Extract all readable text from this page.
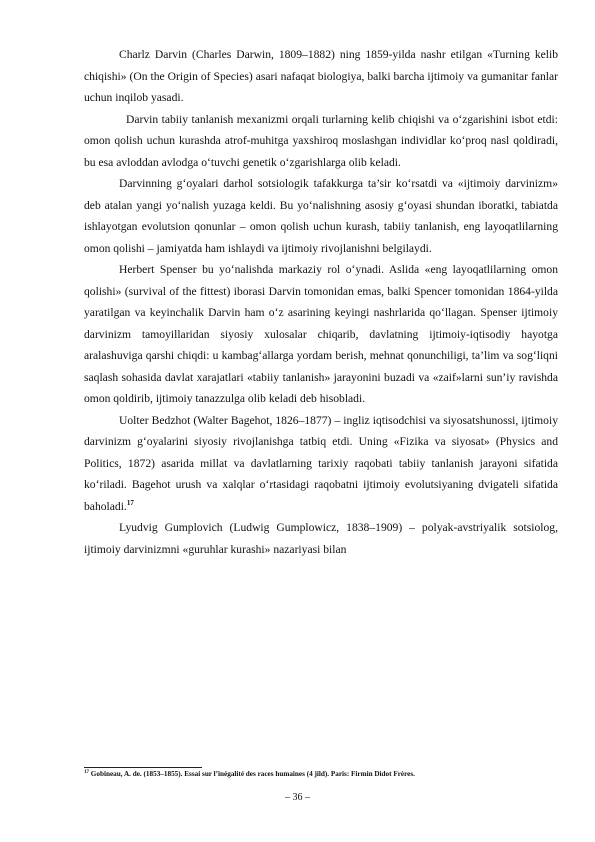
Charlz Darvin (Charles Darwin, 1809–1882) ning 1859-yilda nashr etilgan «Turning kelib chiqishi» (On the Origin of Species) asari nafaqat biologiya, balki barcha ijtimoiy va gumanitar fanlar uchun inqilob yasadi.

Darvin tabiiy tanlanish mexanizmi orqali turlarning kelib chiqishi va o‘zgarishini isbot etdi: omon qolish uchun kurashda atrof-muhitga yaxshiroq moslashgan individlar ko‘proq nasl qoldiradi, bu esa avloddan avlodga o‘tuvchi genetik o‘zgarishlarga olib keladi.

Darvinning g‘oyalari darhol sotsiologik tafakkurga ta’sir ko‘rsatdi va «ijtimoiy darvinizm» deb atalan yangi yo‘nalish yuzaga keldi. Bu yo‘nalishning asosiy g‘oyasi shundan iboratki, tabiatda ishlayotgan evolutsion qonunlar – omon qolish uchun kurash, tabiiy tanlanish, eng layoqatlilarning omon qolishi – jamiyatda ham ishlaydi va ijtimoiy rivojlanishni belgilaydi.

Herbert Spenser bu yo‘nalishda markaziy rol o‘ynadi. Aslida «eng layoqatlilarning omon qolishi» (survival of the fittest) iborasi Darvin tomonidan emas, balki Spencer tomonidan 1864-yilda yaratilgan va keyinchalik Darvin ham o‘z asarining keyingi nashrlarida qo‘llagan. Spenser ijtimoiy darvinizm tamoyillaridan siyosiy xulosalar chiqarib, davlatning ijtimoiy-iqtisodiy hayotga aralashuviga qarshi chiqdi: u kambag‘allarga yordam berish, mehnat qonunchiligi, ta’lim va sog‘liqni saqlash sohasida davlat xarajatlari «tabiiy tanlanish» jarayonini buzadi va «zaif»larni sun’iy ravishda omon qoldirib, ijtimoiy tanazzulga olib keladi deb hisobladi.

Uolter Bedzhot (Walter Bagehot, 1826–1877) – ingliz iqtisodchisi va siyosatshunossi, ijtimoiy darvinizm g‘oyalarini siyosiy rivojlanishga tatbiq etdi. Uning «Fizika va siyosat» (Physics and Politics, 1872) asarida millat va davlatlarning tarixiy raqobati tabiiy tanlanish jarayoni sifatida ko‘riladi. Bagehot urush va xalqlar o‘rtasidagi raqobatni ijtimoiy evolutsiyaning dvigateli sifatida baholadi.$^{17}$

Lyudvig Gumplovich (Ludwig Gumplowicz, 1838–1909) – polyak-avstriyalik sotsiolog, ijtimoiy darvinizmni «guruhlar kurashi» nazariyasi bilan

$^{17}$ Gobineau, A. de. (1853–1855). Essai sur l’inégalité des races humaines (4 jild). Paris: Firmin Didot Frères.
– 36 –
